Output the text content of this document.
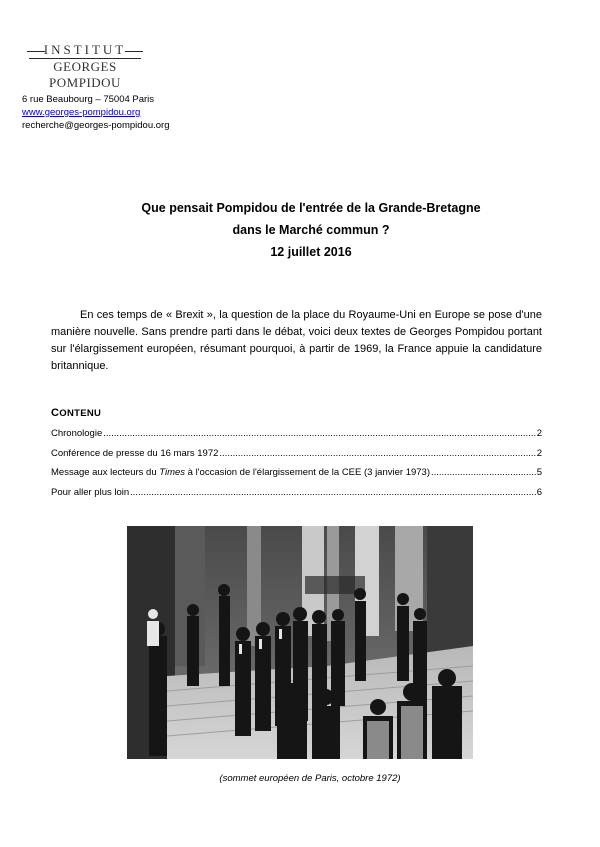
INSTITUT
GEORGES POMPIDOU
6 rue Beaubourg – 75004 Paris
www.georges-pompidou.org
recherche@georges-pompidou.org
Que pensait Pompidou de l'entrée de la Grande-Bretagne
dans le Marché commun ?
12 juillet 2016

En ces temps de « Brexit », la question de la place du Royaume-Uni en Europe se pose d'une manière nouvelle. Sans prendre parti dans le débat, voici deux textes de Georges Pompidou portant sur l'élargissement européen, résumant pourquoi, à partir de 1969, la France appuie la candidature britannique.

CONTENU
Chronologie .....	2
Conférence de presse du 16 mars 1972 .....	2
Message aux lecteurs du Times à l'occasion de l'élargissement de la CEE (3 janvier 1973) .....	5
Pour aller plus loin .....	6
(sommet européen de Paris, octobre 1972)
